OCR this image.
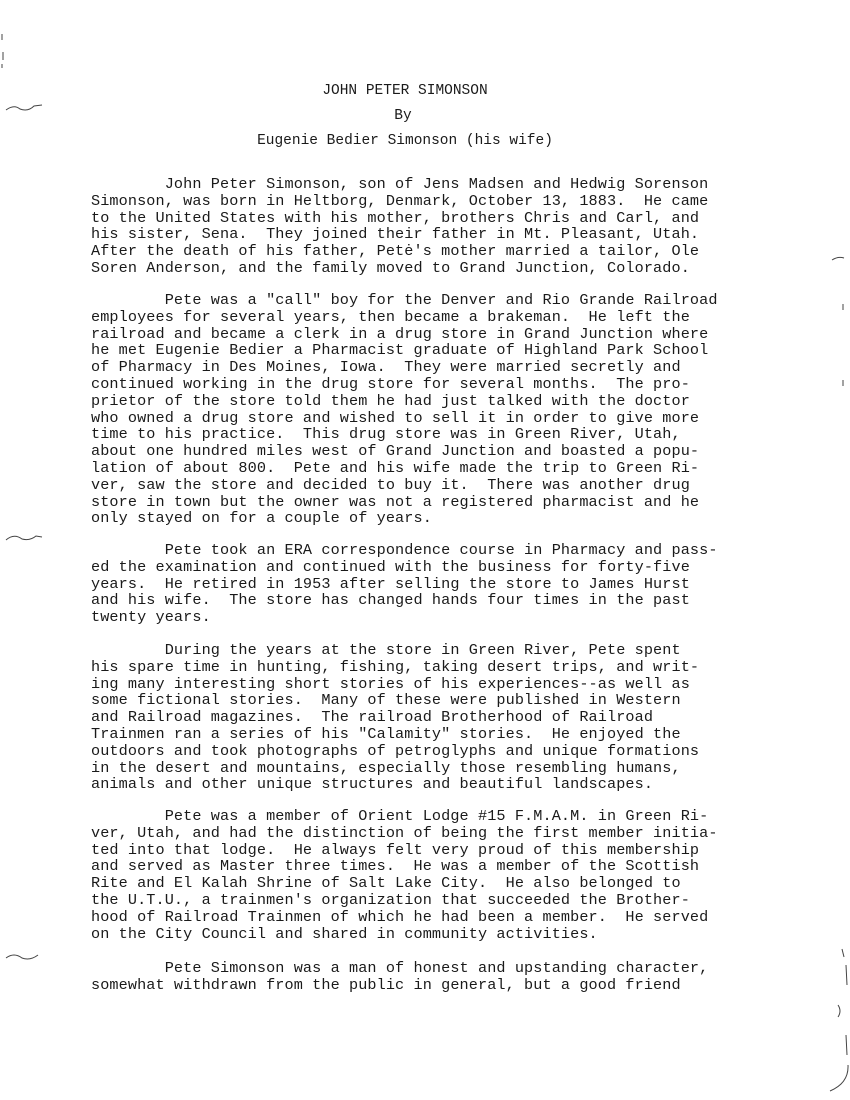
JOHN PETER SIMONSON
By
Eugenie Bedier Simonson (his wife)
John Peter Simonson, son of Jens Madsen and Hedwig Sorenson
Simonson, was born in Heltborg, Denmark, October 13, 1883.  He came
to the United States with his mother, brothers Chris and Carl, and
his sister, Sena.  They joined their father in Mt. Pleasant, Utah.
After the death of his father, Petė's mother married a tailor, Ole
Soren Anderson, and the family moved to Grand Junction, Colorado.
Pete was a "call" boy for the Denver and Rio Grande Railroad
employees for several years, then became a brakeman.  He left the
railroad and became a clerk in a drug store in Grand Junction where
he met Eugenie Bedier a Pharmacist graduate of Highland Park School
of Pharmacy in Des Moines, Iowa.  They were married secretly and
continued working in the drug store for several months.  The pro-
prietor of the store told them he had just talked with the doctor
who owned a drug store and wished to sell it in order to give more
time to his practice.  This drug store was in Green River, Utah,
about one hundred miles west of Grand Junction and boasted a popu-
lation of about 800.  Pete and his wife made the trip to Green Ri-
ver, saw the store and decided to buy it.  There was another drug
store in town but the owner was not a registered pharmacist and he
only stayed on for a couple of years.
Pete took an ERA correspondence course in Pharmacy and pass-
ed the examination and continued with the business for forty-five
years.  He retired in 1953 after selling the store to James Hurst
and his wife.  The store has changed hands four times in the past
twenty years.
During the years at the store in Green River, Pete spent
his spare time in hunting, fishing, taking desert trips, and writ-
ing many interesting short stories of his experiences--as well as
some fictional stories.  Many of these were published in Western
and Railroad magazines.  The railroad Brotherhood of Railroad
Trainmen ran a series of his "Calamity" stories.  He enjoyed the
outdoors and took photographs of petroglyphs and unique formations
in the desert and mountains, especially those resembling humans,
animals and other unique structures and beautiful landscapes.
Pete was a member of Orient Lodge #15 F.M.A.M. in Green Ri-
ver, Utah, and had the distinction of being the first member initia-
ted into that lodge.  He always felt very proud of this membership
and served as Master three times.  He was a member of the Scottish
Rite and El Kalah Shrine of Salt Lake City.  He also belonged to
the U.T.U., a trainmen's organization that succeeded the Brother-
hood of Railroad Trainmen of which he had been a member.  He served
on the City Council and shared in community activities.
Pete Simonson was a man of honest and upstanding character,
somewhat withdrawn from the public in general, but a good friend
